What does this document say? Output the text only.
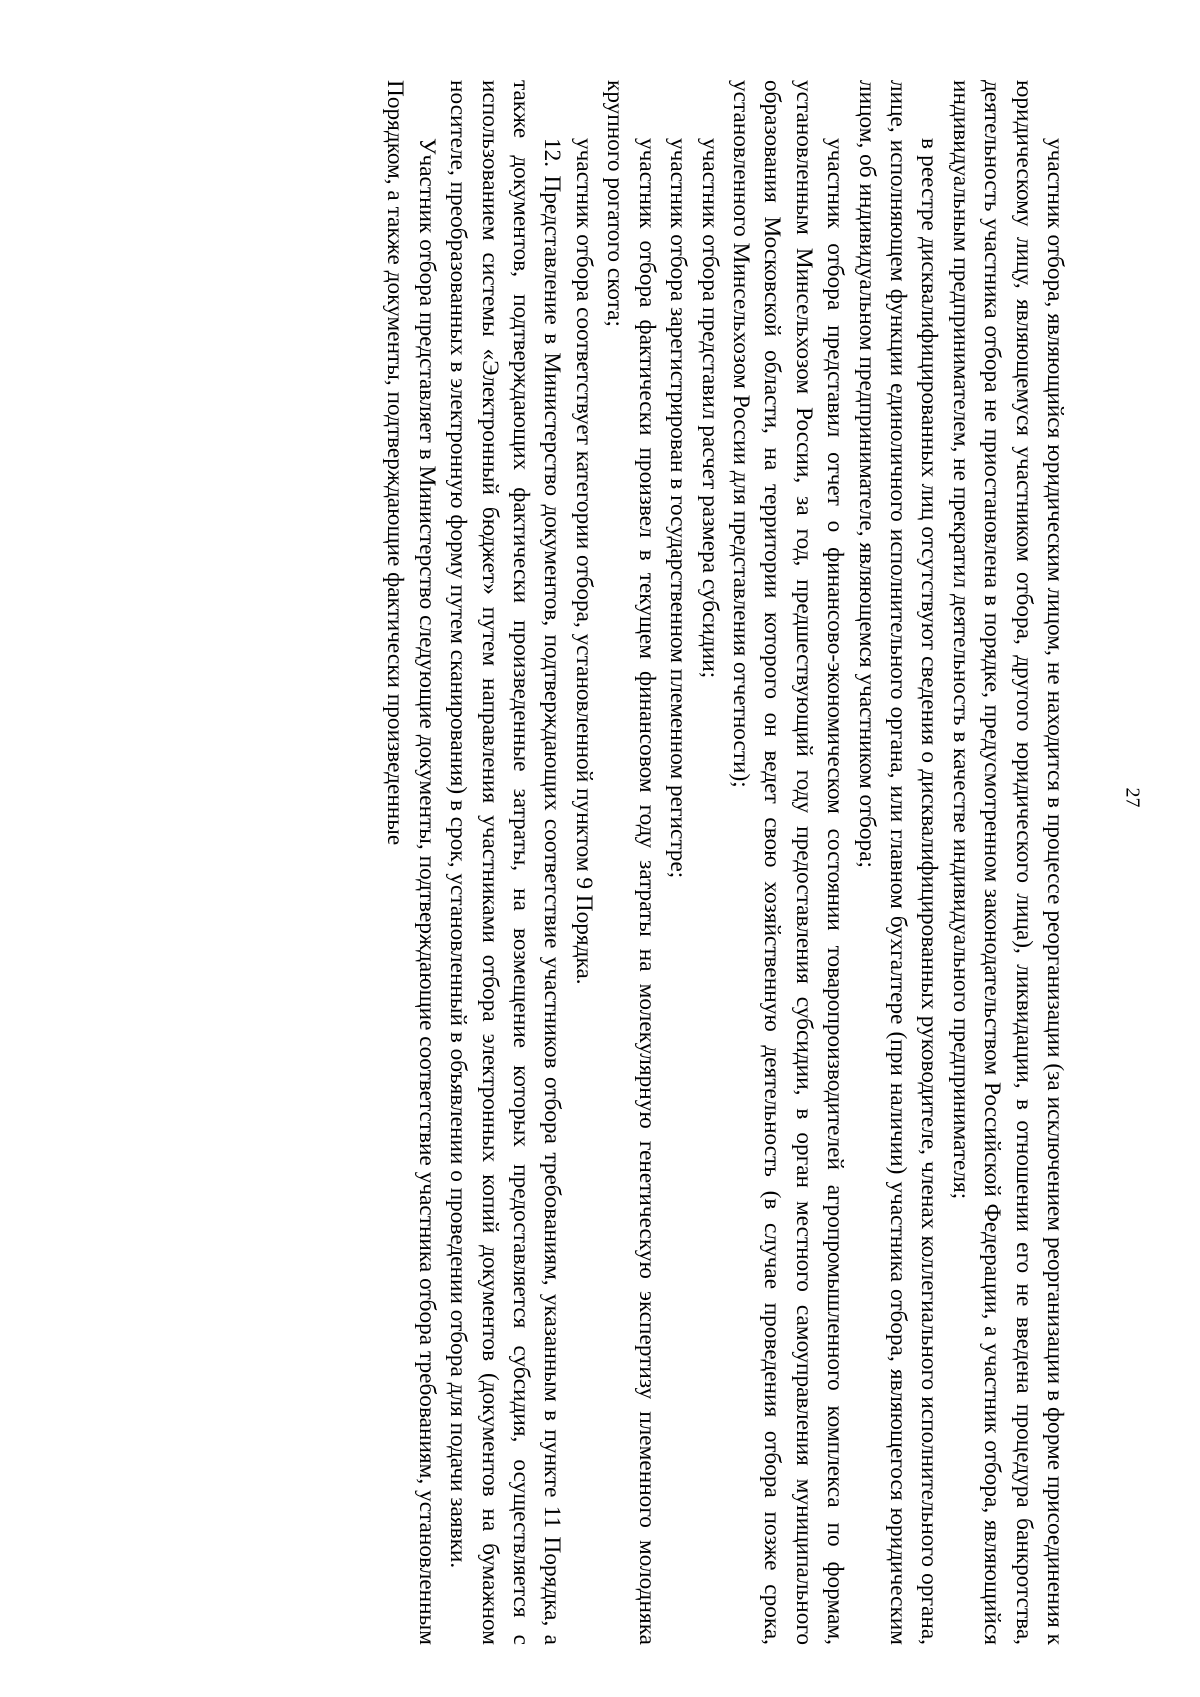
27

участник отбора, являющийся юридическим лицом, не находится в процессе реорганизации (за исключением реорганизации в форме присоединения к юридическому лицу, являющемуся участником отбора, другого юридического лица), ликвидации, в отношении его не введена процедура банкротства, деятельность участника отбора не приостановлена в порядке, предусмотренном законодательством Российской Федерации, а участник отбора, являющийся индивидуальным предпринимателем, не прекратил деятельность в качестве индивидуального предпринимателя;

в реестре дисквалифицированных лиц отсутствуют сведения о дисквалифицированных руководителе, членах коллегиального исполнительного органа, лице, исполняющем функции единоличного исполнительного органа, или главном бухгалтере (при наличии) участника отбора, являющегося юридическим лицом, об индивидуальном предпринимателе, являющемся участником отбора;

участник отбора представил отчет о финансово-экономическом состоянии товаропроизводителей агропромышленного комплекса по формам, установленным Минсельхозом России, за год, предшествующий году предоставления субсидии, в орган местного самоуправления муниципального образования Московской области, на территории которого он ведет свою хозяйственную деятельность (в случае проведения отбора позже срока, установленного Минсельхозом России для представления отчетности);

участник отбора представил расчет размера субсидии;

участник отбора зарегистрирован в государственном племенном регистре;

участник отбора фактически произвел в текущем финансовом году затраты на молекулярную генетическую экспертизу племенного молодняка крупного рогатого скота;

участник отбора соответствует категории отбора, установленной пунктом 9 Порядка.

12. Представление в Министерство документов, подтверждающих соответствие участников отбора требованиям, указанным в пункте 11 Порядка, а также документов, подтверждающих фактически произведенные затраты, на возмещение которых предоставляется субсидия, осуществляется с использованием системы «Электронный бюджет» путем направления участниками отбора электронных копий документов (документов на бумажном носителе, преобразованных в электронную форму путем сканирования) в срок, установленный в объявлении о проведении отбора для подачи заявки.

Участник отбора представляет в Министерство следующие документы, подтверждающие соответствие участника отбора требованиям, установленным Порядком, а также документы, подтверждающие фактически произведенные
